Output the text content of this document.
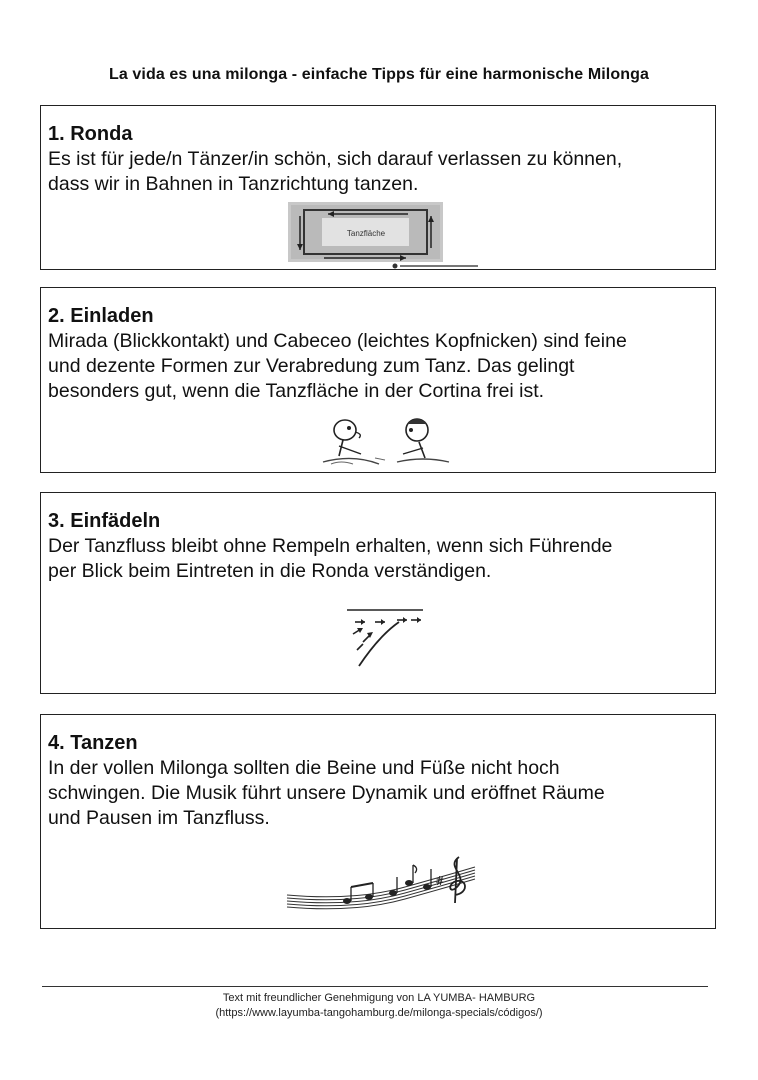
La vida es una milonga - einfache Tipps für eine harmonische Milonga
1. Ronda

Es ist für jede/n Tänzer/in schön, sich darauf verlassen zu können,
dass wir in Bahnen in Tanzrichtung tanzen.

Tanzfläche
2. Einladen

Mirada (Blickkontakt) und Cabeceo (leichtes Kopfnicken) sind feine
und dezente Formen zur Verabredung zum Tanz. Das gelingt
besonders gut, wenn die Tanzfläche in der Cortina frei ist.

3. Einfädeln

Der Tanzfluss bleibt ohne Rempeln erhalten, wenn sich Führende
per Blick beim Eintreten in die Ronda verständigen.

4. Tanzen

In der vollen Milonga sollten die Beine und Füße nicht hoch
schwingen. Die Musik führt unsere Dynamik und eröffnet Räume
und Pausen im Tanzfluss.

#
Text mit freundlicher Genehmigung von LA YUMBA- HAMBURG
(https://www.layumba-tangohamburg.de/milonga-specials/códigos/)
